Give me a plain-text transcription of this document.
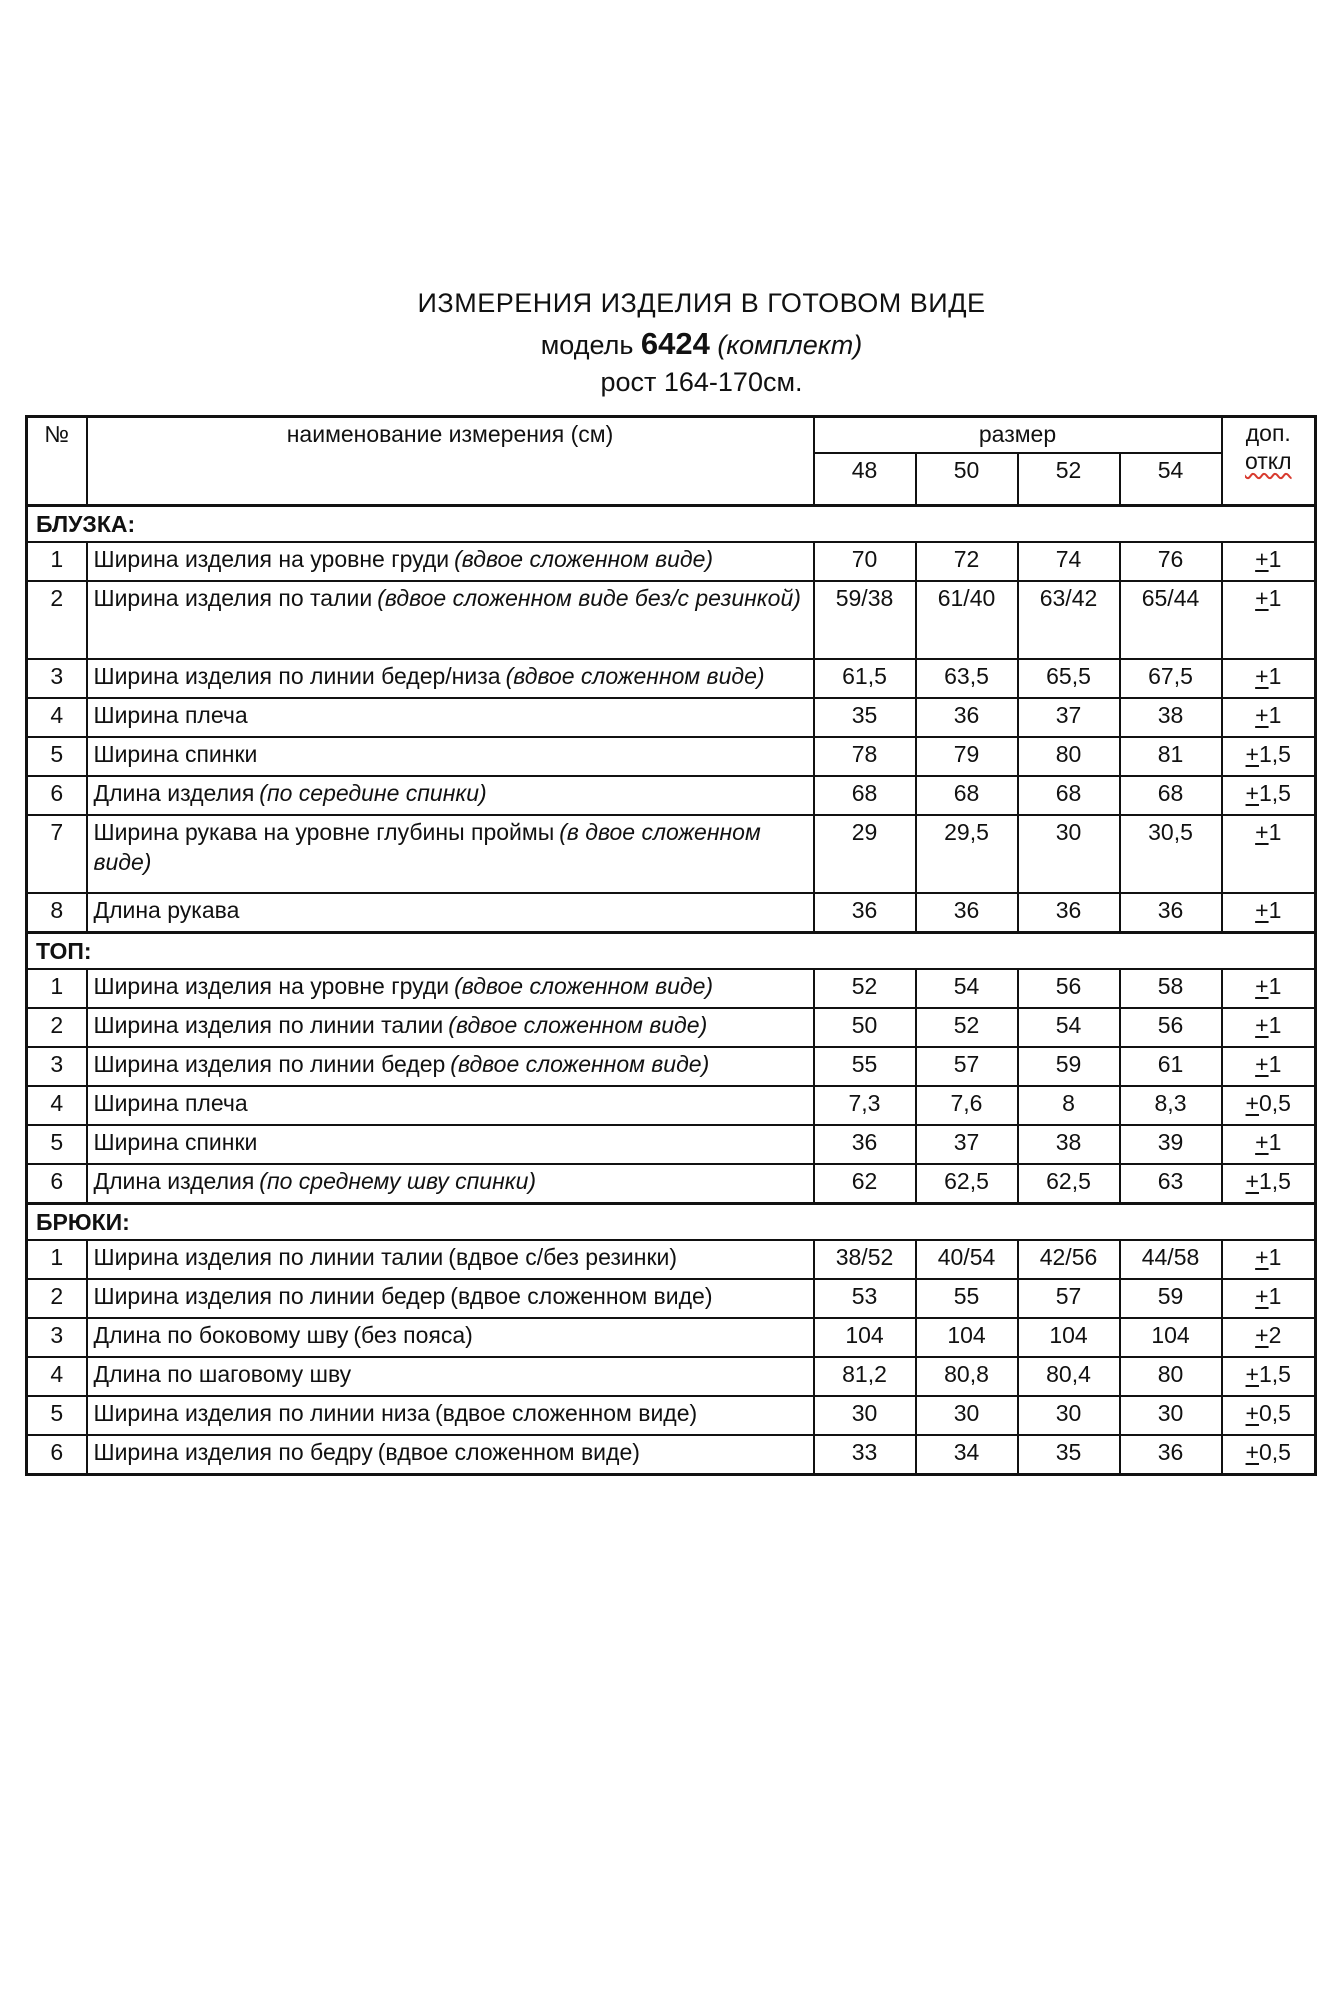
ИЗМЕРЕНИЯ ИЗДЕЛИЯ В ГОТОВОМ ВИДЕ
модель 6424 (комплект)
рост 164-170см.
№	наименование измерения (см)	размер				доп.
откл

		48	50	52	54	
БЛУЗКА:						
1	Ширина изделия на уровне груди (вдвое сложенном виде)	70	72	74	76	+1
2	Ширина изделия по талии (вдвое сложенном виде без/с резинкой)	59/38	61/40	63/42	65/44	+1
3	Ширина изделия по линии бедер/низа (вдвое сложенном виде)	61,5	63,5	65,5	67,5	+1
4	Ширина плеча	35	36	37	38	+1
5	Ширина спинки	78	79	80	81	+1,5
6	Длина изделия (по середине спинки)	68	68	68	68	+1,5
7	Ширина рукава на уровне глубины проймы (в двое сложенном виде)	29	29,5	30	30,5	+1
8	Длина рукава	36	36	36	36	+1
ТОП:						
1	Ширина изделия на уровне груди (вдвое сложенном виде)	52	54	56	58	+1
2	Ширина изделия по линии талии (вдвое сложенном виде)	50	52	54	56	+1
3	Ширина изделия по линии бедер (вдвое сложенном виде)	55	57	59	61	+1
4	Ширина плеча	7,3	7,6	8	8,3	+0,5
5	Ширина спинки	36	37	38	39	+1
6	Длина изделия (по среднему шву спинки)	62	62,5	62,5	63	+1,5
БРЮКИ:						
1	Ширина изделия по линии талии (вдвое с/без резинки)	38/52	40/54	42/56	44/58	+1
2	Ширина изделия по линии бедер (вдвое сложенном виде)	53	55	57	59	+1
3	Длина по боковому шву (без пояса)	104	104	104	104	+2
4	Длина по шаговому шву	81,2	80,8	80,4	80	+1,5
5	Ширина изделия по линии низа (вдвое сложенном виде)	30	30	30	30	+0,5
6	Ширина изделия по бедру (вдвое сложенном виде)	33	34	35	36	+0,5
